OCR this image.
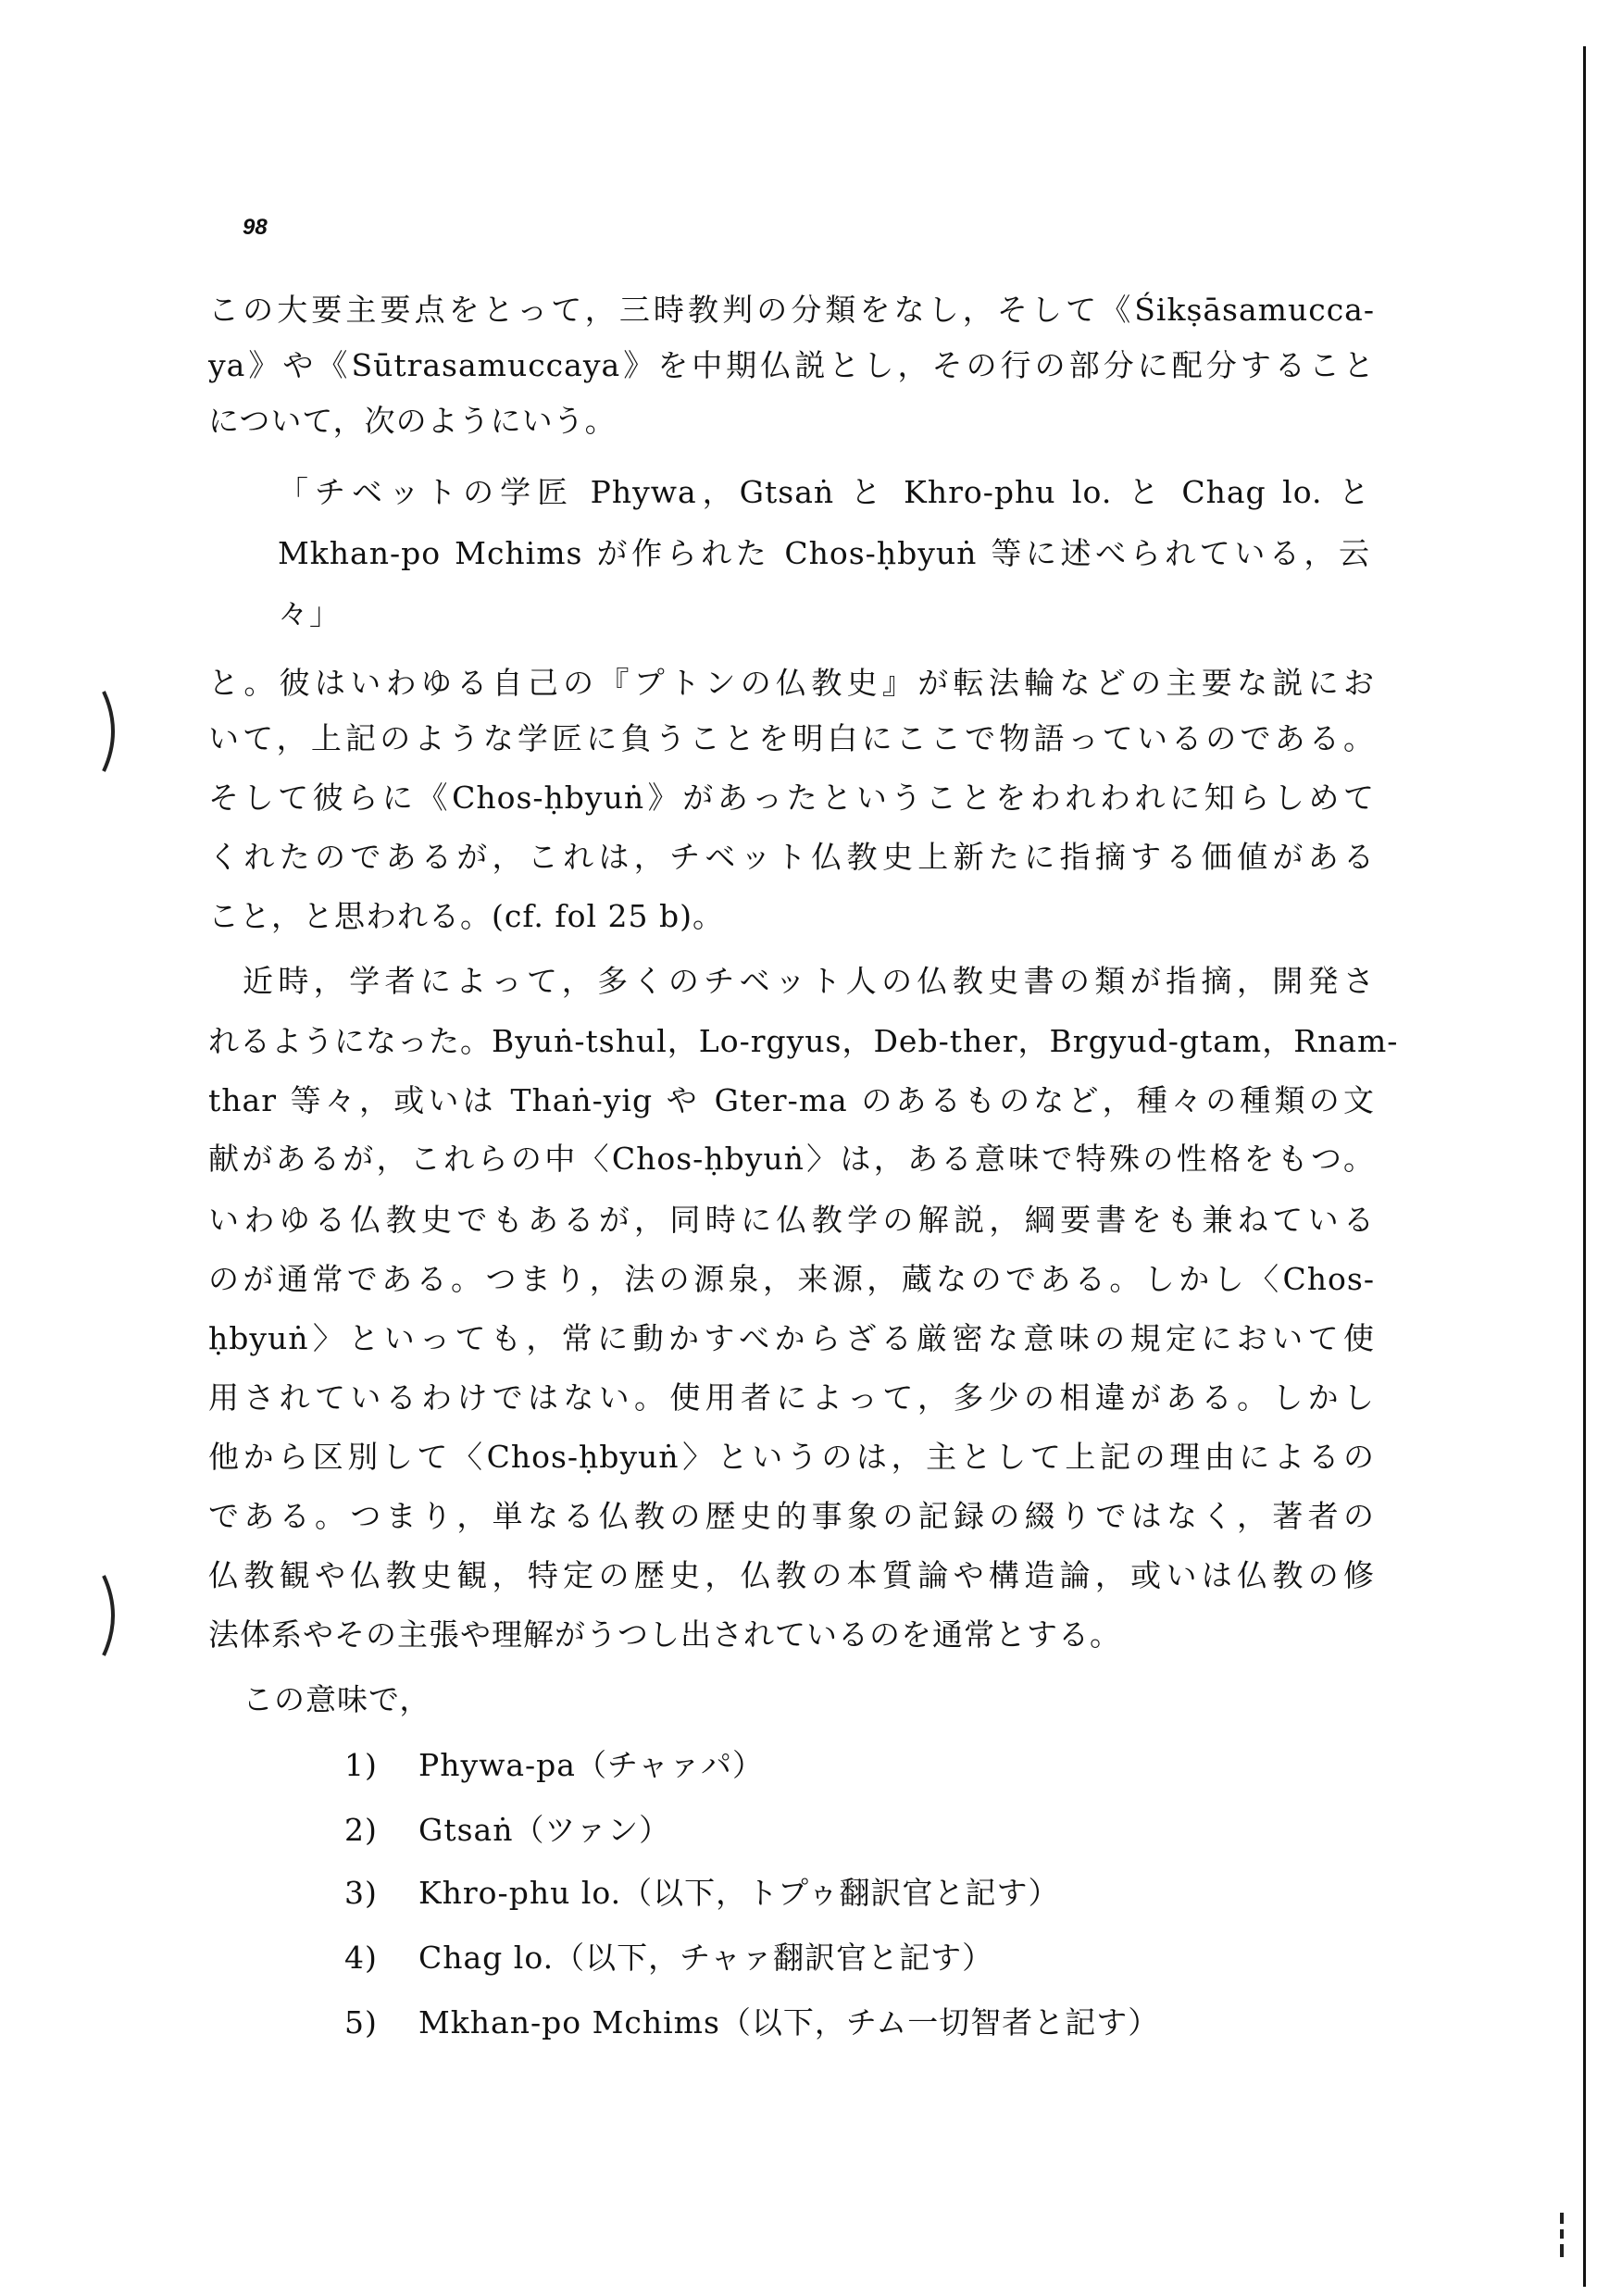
98
この大要主要点をとって，三時教判の分類をなし，そして《Śikṣāsamucca-
ya》や《Sūtrasamuccaya》を中期仏説とし，その行の部分に配分すること
について，次のようにいう。
「チベットの学匠 Phywa，Gtsaṅ と Khro-phu lo. と Chag lo. と
Mkhan-po Mchims が作られた Chos-ḥbyuṅ 等に述べられている，云
々」
と。彼はいわゆる自己の『プトンの仏教史』が転法輪などの主要な説にお
いて，上記のような学匠に負うことを明白にここで物語っているのである。
そして彼らに《Chos-ḥbyuṅ》があったということをわれわれに知らしめて
くれたのであるが，これは，チベット仏教史上新たに指摘する価値がある
こと，と思われる。(cf. fol 25 b)。
近時，学者によって，多くのチベット人の仏教史書の類が指摘，開発さ
れるようになった。Byuṅ-tshul，Lo-rgyus，Deb-ther，Brgyud-gtam，Rnam-
thar 等々，或いは Thaṅ-yig や Gter-ma のあるものなど，種々の種類の文
献があるが，これらの中〈Chos-ḥbyuṅ〉は，ある意味で特殊の性格をもつ。
いわゆる仏教史でもあるが，同時に仏教学の解説，綱要書をも兼ねている
のが通常である。つまり，法の源泉，来源，蔵なのである。しかし〈Chos-
ḥbyuṅ〉といっても，常に動かすべからざる厳密な意味の規定において使
用されているわけではない。使用者によって，多少の相違がある。しかし
他から区別して〈Chos-ḥbyuṅ〉というのは，主として上記の理由によるの
である。つまり，単なる仏教の歴史的事象の記録の綴りではなく，著者の
仏教観や仏教史観，特定の歴史，仏教の本質論や構造論，或いは仏教の修
法体系やその主張や理解がうつし出されているのを通常とする。
この意味で，
1) Phywa-pa（チャァパ）
2) Gtsaṅ（ツァン）
3) Khro-phu lo.（以下，トプゥ翻訳官と記す）
4) Chag lo.（以下，チャァ翻訳官と記す）
5) Mkhan-po Mchims（以下，チム一切智者と記す）
